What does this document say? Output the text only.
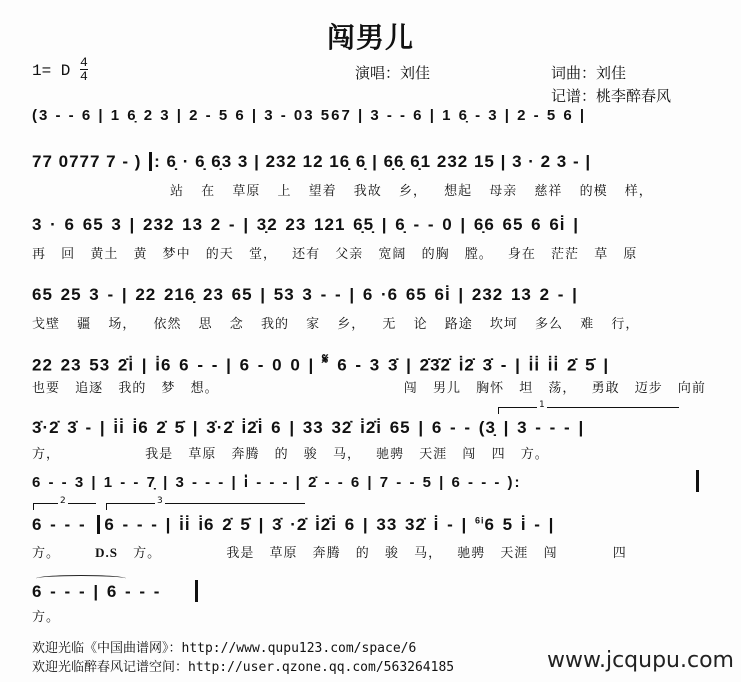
闯男儿
1= D $\frac{4}{4}$	演唱：刘佳	词曲：刘佳
记谱：桃李醉春风
(3 - - 6 | 1 6̣ 2 3 | 2 - 5 6 | 3 - 03 567 | 3 - - 6 | 1 6̣ - 3 | 2 - 5 6 |
77 0777 7 - ) : 6̣ · 6̣ 6̣3 3 | 232 12 16̣ 6̣ | 6̣6̣ 6̣1 232 15 | 3 · 2 3 - |
站 在 草原 上 望着 我故 乡， 想起 母亲 慈祥 的模 样，
3 · 6 65 3 | 232 13 2 - | 3̣2 23 121 6̣5̣ | 6̣ - - 0 | 6̣6 65 6 6i̇ |
再 回 黄土 黄 梦中 的天 堂， 还有 父亲 宽阔 的胸 膛。 身在 茫茫 草 原
65 25 3 - | 22 216̣ 23 65 | 53 3 - - | 6 ·6 65 6i̇ | 232 13 2 - |
戈壁 疆 场， 依然 思 念 我的 家 乡， 无 论 路途 坎坷 多么 难 行，
22 23 53 2̇i̇ | i̇6 6 - - | 6 - 0 0 | 𝄋 6 - 3 3̇ | 2̇3̇2̇ i̇2̇ 3̇ - | i̇i̇ i̇i̇ 2̇ 5̇ |
也要 追逐 我的 梦 想。	闯 男儿 胸怀 坦 荡， 勇敢 迈步 向前
1
3̇·2̇ 3̇ - | i̇i̇ i̇6 2̇ 5̇ | 3̇·2̇ i̇2̇i̇ 6 | 33 32̇ i̇2̇i̇ 65 | 6 - - (3̣ | 3 - - - |
方，	我是 草原 奔腾 的 骏 马， 驰骋 天涯 闯 四 方。
6 - - 3 | 1 - - 7̣ | 3 - - - | i̇ - - - | 2̇ - - 6 | 7 - - 5 | 6 - - - ):
2	3
6 - - - 6 - - - | i̇i̇ i̇6 2̇ 5̇ | 3̇ ·2̇ i̇2̇i̇ 6 | 33 32̇ i̇ - | $^{6i}$6 5 i̇ - |
方。	D.S 方。	我是 草原 奔腾 的 骏 马， 驰骋 天涯 闯	四
6 - - - | 6 - - -
方。
欢迎光临《中国曲谱网》：http://www.qupu123.com/space/6
欢迎光临醉春风记谱空间：http://user.qzone.qq.com/563264185	www.jcqupu.com
